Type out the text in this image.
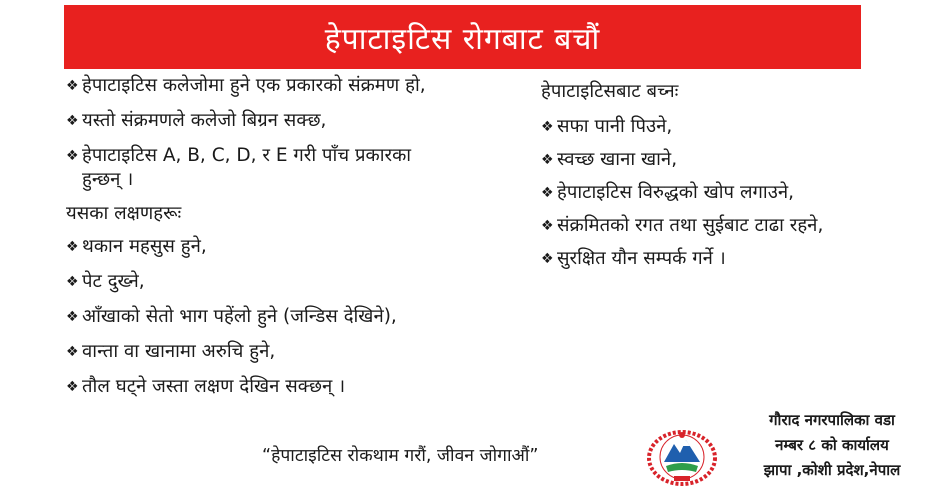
हेपाटाइटिस रोगबाट बचौं
❖ हेपाटाइटिस कलेजोमा हुने एक प्रकारको संक्रमण हो,
❖ यस्तो संक्रमणले कलेजो बिग्रन सक्छ,
❖ हेपाटाइटिस A, B, C, D, र E गरी पाँच प्रकारका
हुन्छन् ।
यसका लक्षणहरूः
❖ थकान महसुस हुने,
❖ पेट दुख्ने,
❖ आँखाको सेतो भाग पहेंलो हुने (जन्डिस देखिने),
❖ वान्ता वा खानामा अरुचि हुने,
❖ तौल घट्ने जस्ता लक्षण देखिन सक्छन् ।
हेपाटाइटिसबाट बच्नः
❖ सफा पानी पिउने,
❖ स्वच्छ खाना खाने,
❖ हेपाटाइटिस विरुद्धको खोप लगाउने,
❖ संक्रमितको रगत तथा सुईबाट टाढा रहने,
❖ सुरक्षित यौन सम्पर्क गर्ने ।
“हेपाटाइटिस रोकथाम गरौं, जीवन जोगाऔं”
गौराद नगरपालिका वडा
नम्बर ८ को कार्यालय
झापा ,कोशी प्रदेश,नेपाल
